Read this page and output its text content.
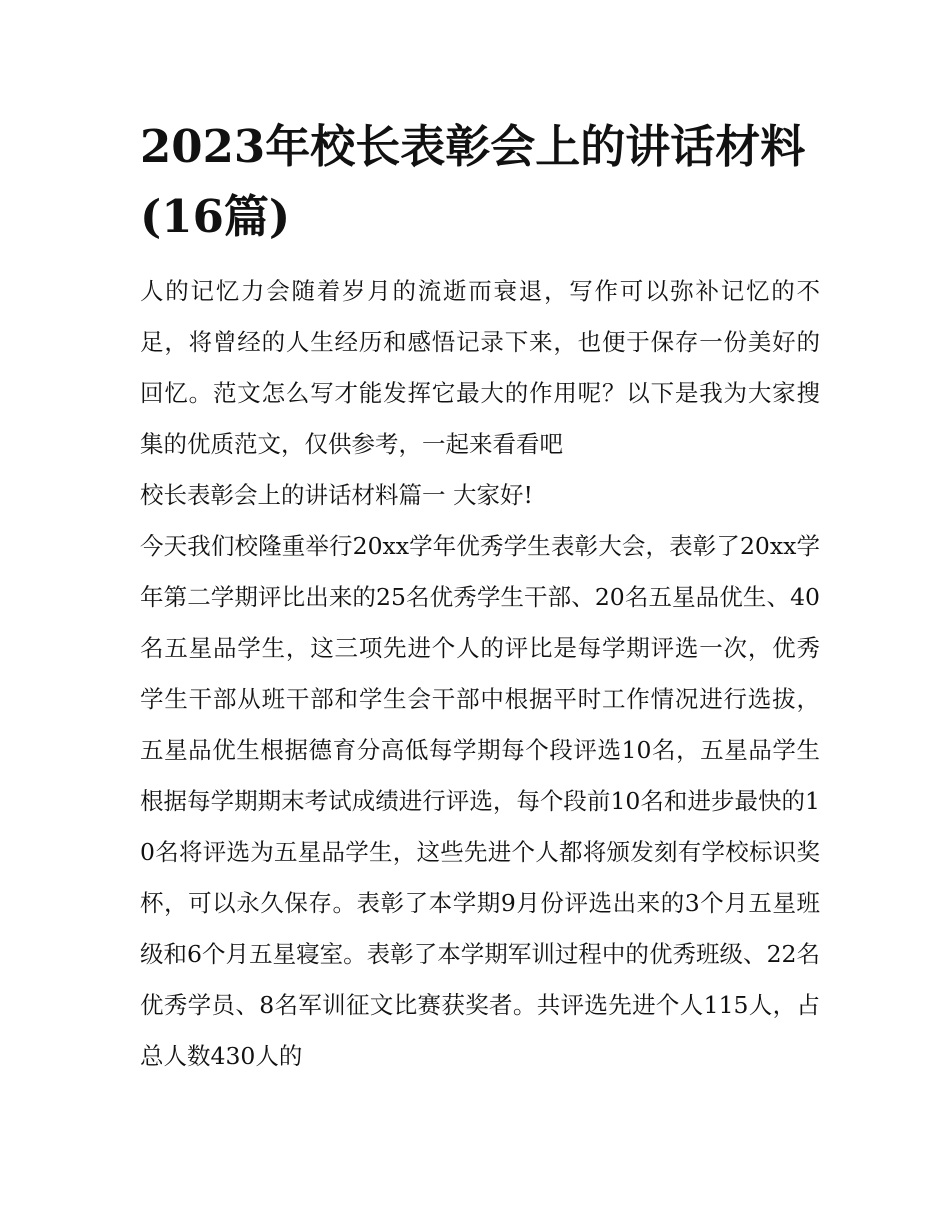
2023年校长表彰会上的讲话材料(16篇)

人的记忆力会随着岁月的流逝而衰退，写作可以弥补记忆的不足，将曾经的人生经历和感悟记录下来，也便于保存一份美好的回忆。范文怎么写才能发挥它最大的作用呢？以下是我为大家搜集的优质范文，仅供参考，一起来看看吧

校长表彰会上的讲话材料篇一 大家好!

今天我们校隆重举行20xx学年优秀学生表彰大会，表彰了20xx学年第二学期评比出来的25名优秀学生干部、20名五星品优生、40名五星品学生，这三项先进个人的评比是每学期评选一次，优秀学生干部从班干部和学生会干部中根据平时工作情况进行选拔，五星品优生根据德育分高低每学期每个段评选10名，五星品学生根据每学期期末考试成绩进行评选，每个段前10名和进步最快的10名将评选为五星品学生，这些先进个人都将颁发刻有学校标识奖杯，可以永久保存。表彰了本学期9月份评选出来的3个月五星班级和6个月五星寝室。表彰了本学期军训过程中的优秀班级、22名优秀学员、8名军训征文比赛获奖者。共评选先进个人115人，占总人数430人的
